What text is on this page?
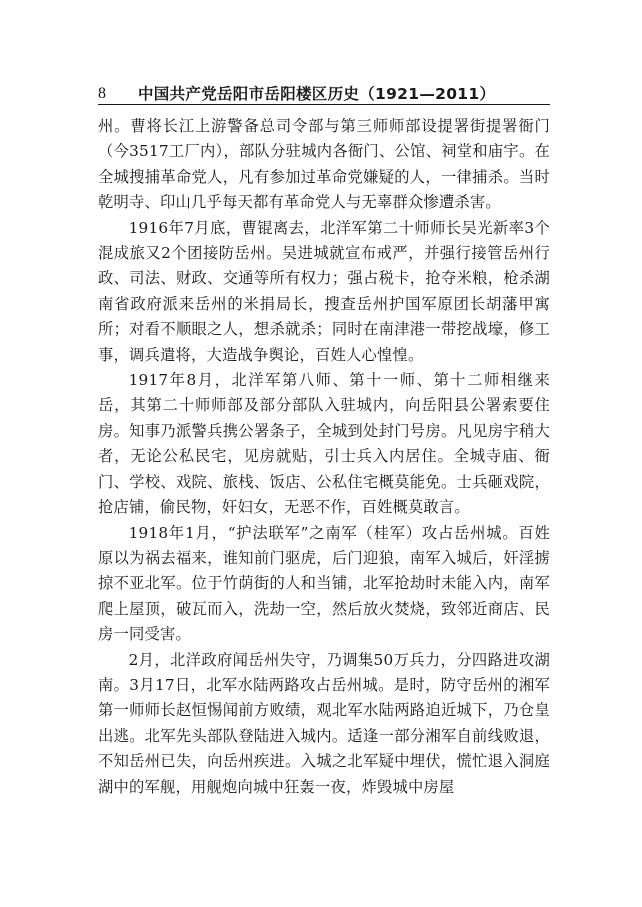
8	中国共产党岳阳市岳阳楼区历史（1921—2011）

州。曹将长江上游警备总司令部与第三师师部设提署街提署衙门（今3517工厂内），部队分驻城内各衙门、公馆、祠堂和庙宇。在全城搜捕革命党人，凡有参加过革命党嫌疑的人，一律捕杀。当时乾明寺、印山几乎每天都有革命党人与无辜群众惨遭杀害。

1916年7月底，曹锟离去，北洋军第二十师师长吴光新率3个混成旅又2个团接防岳州。吴进城就宣布戒严，并强行接管岳州行政、司法、财政、交通等所有权力；强占税卡，抢夺米粮，枪杀湖南省政府派来岳州的米捐局长，搜查岳州护国军原团长胡藩甲寓所；对看不顺眼之人，想杀就杀；同时在南津港一带挖战壕，修工事，调兵遣将，大造战争舆论，百姓人心惶惶。

1917年8月，北洋军第八师、第十一师、第十二师相继来岳，其第二十师师部及部分部队入驻城内，向岳阳县公署索要住房。知事乃派警兵携公署条子，全城到处封门号房。凡见房宇稍大者，无论公私民宅，见房就贴，引士兵入内居住。全城寺庙、衙门、学校、戏院、旅栈、饭店、公私住宅概莫能免。士兵砸戏院，抢店铺，偷民物，奸妇女，无恶不作，百姓概莫敢言。

1918年1月，“护法联军”之南军（桂军）攻占岳州城。百姓原以为祸去福来，谁知前门驱虎，后门迎狼，南军入城后，奸淫掳掠不亚北军。位于竹荫街的人和当铺，北军抢劫时未能入内，南军爬上屋顶，破瓦而入，洗劫一空，然后放火焚烧，致邻近商店、民房一同受害。

2月，北洋政府闻岳州失守，乃调集50万兵力，分四路进攻湖南。3月17日，北军水陆两路攻占岳州城。是时，防守岳州的湘军第一师师长赵恒惕闻前方败绩，观北军水陆两路迫近城下，乃仓皇出逃。北军先头部队登陆进入城内。适逢一部分湘军自前线败退，不知岳州已失，向岳州疾进。入城之北军疑中埋伏，慌忙退入洞庭湖中的军舰，用舰炮向城中狂轰一夜，炸毁城中房屋
